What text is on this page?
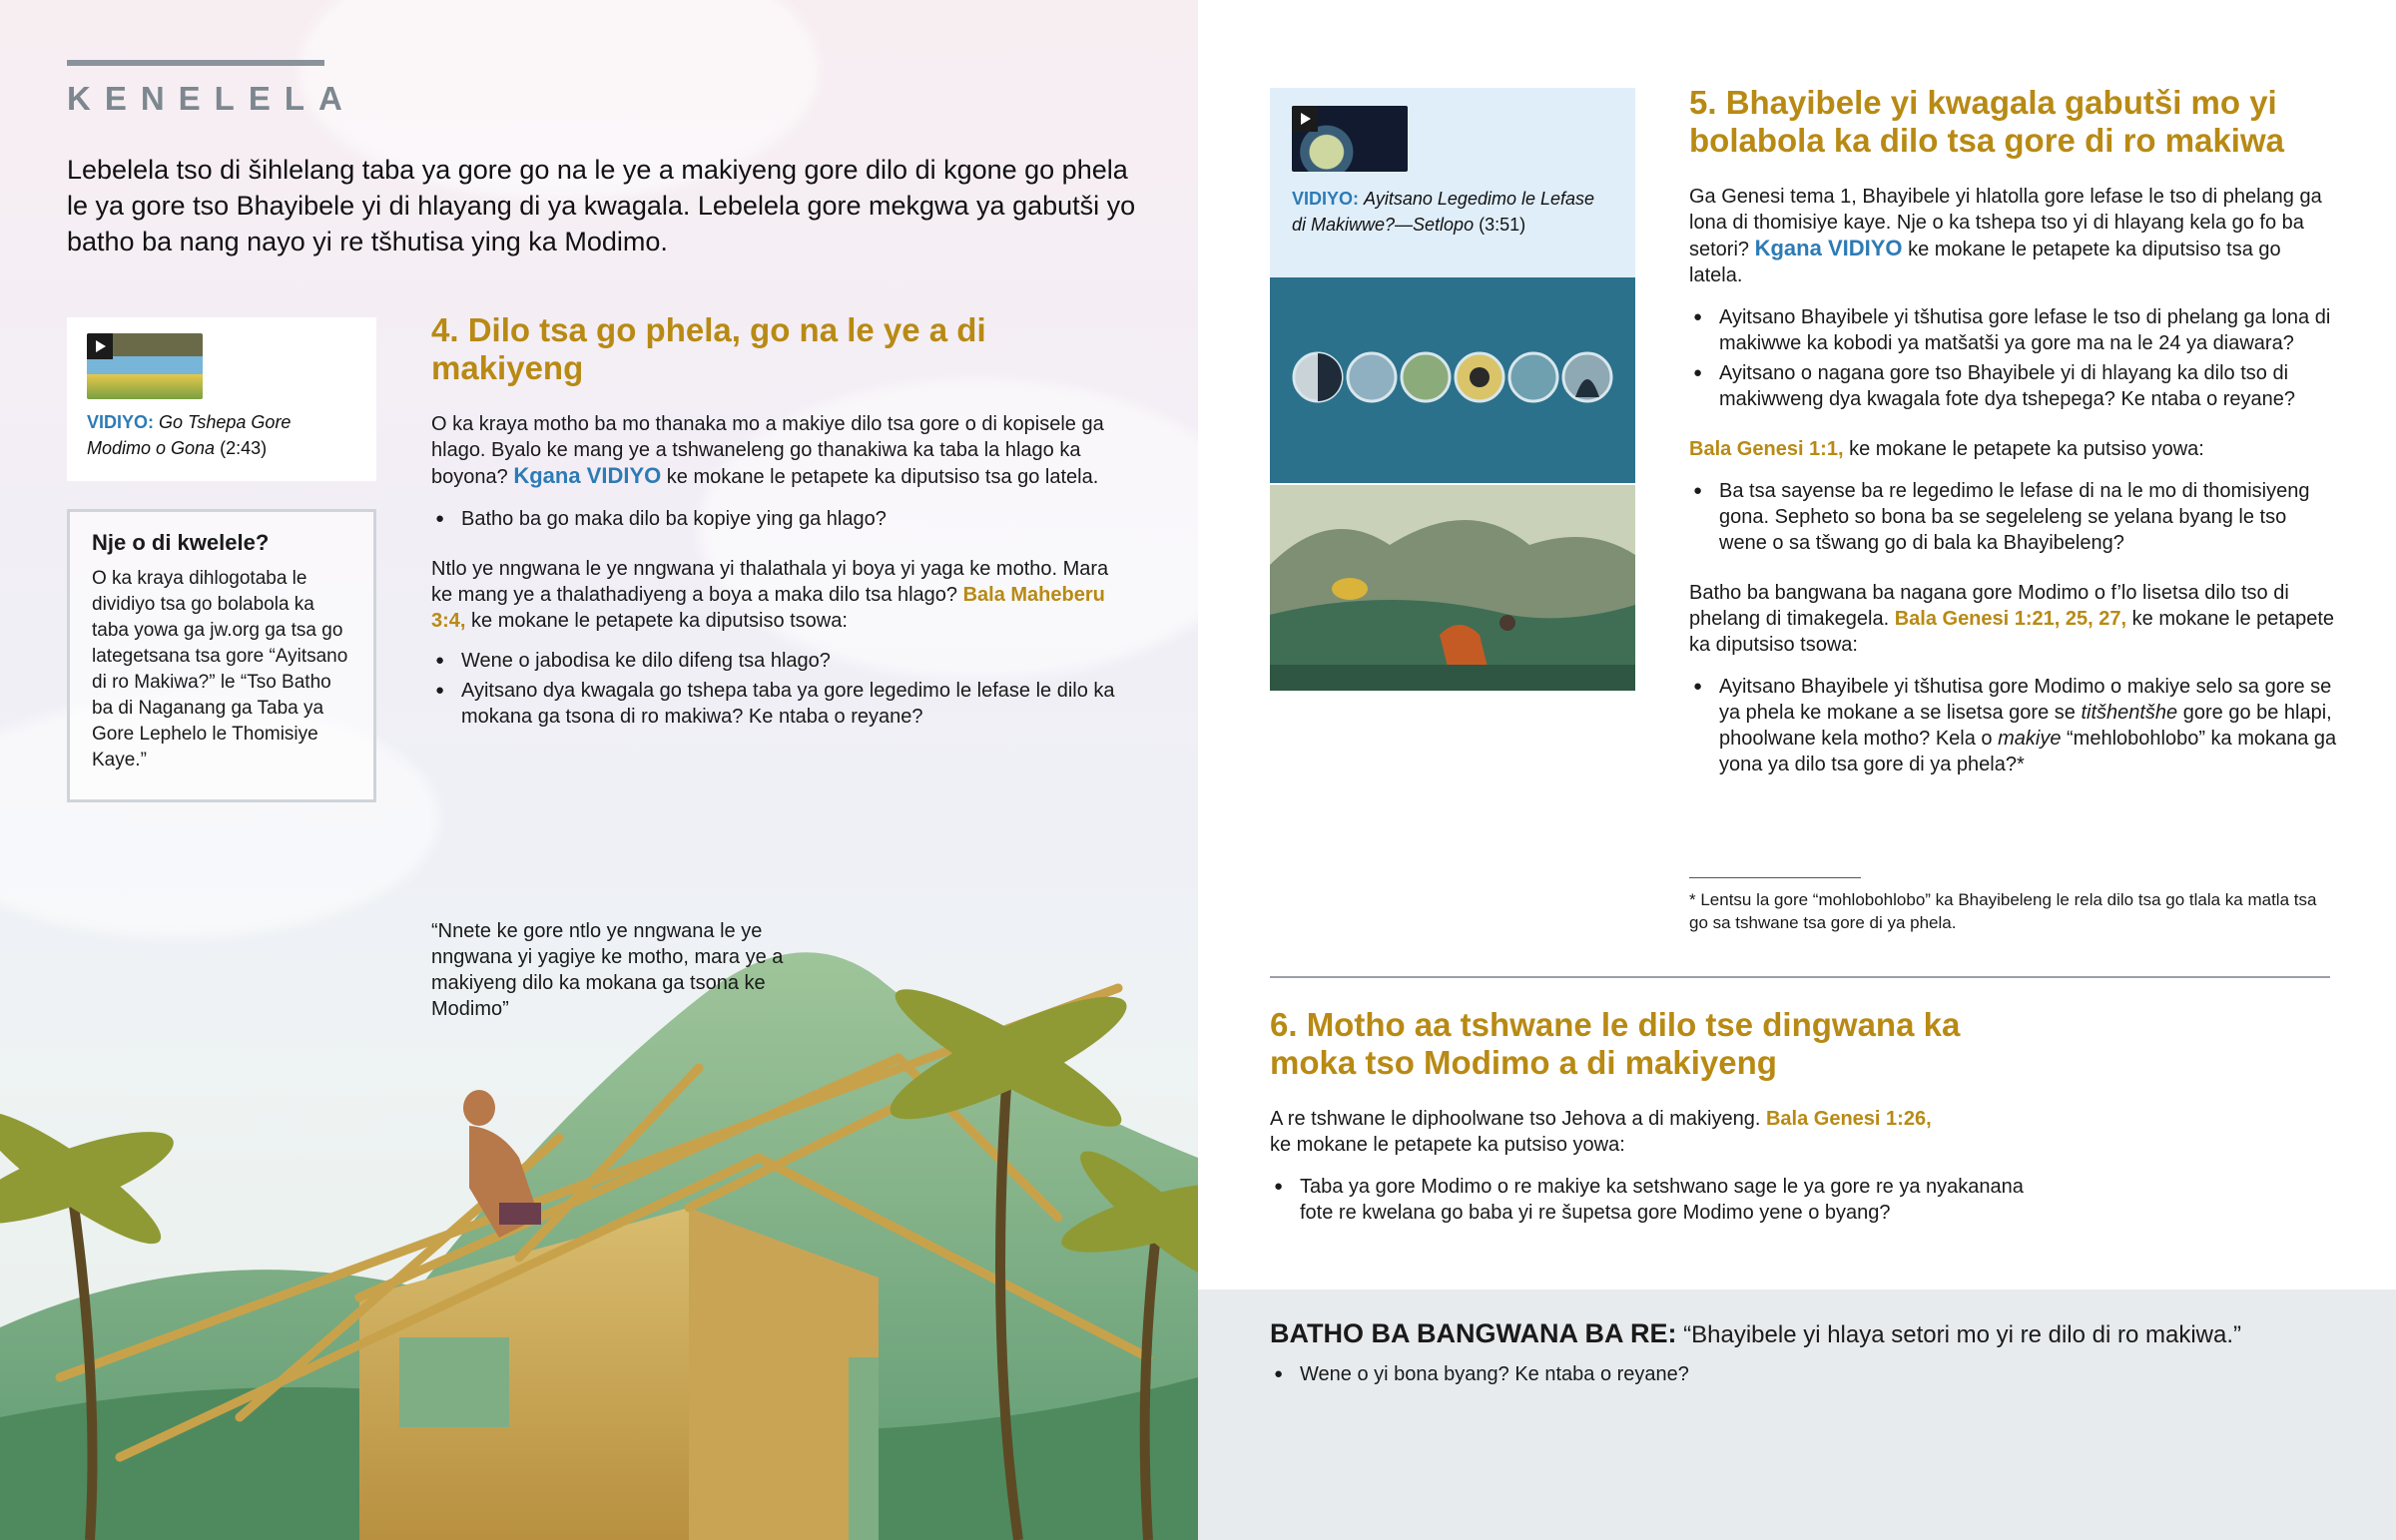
KENELELA
Lebelela tso di šihlelang taba ya gore go na le ye a makiyeng gore dilo di kgone go phela le ya gore tso Bhayibele yi di hlayang di ya kwagala. Lebelela gore mekgwa ya gabutši yo batho ba nang nayo yi re tšhutisa ying ka Modimo.
VIDIYO: Go Tshepa Gore Modimo o Gona (2:43)
Nje o di kwelele?
O ka kraya dihlogotaba le dividiyo tsa go bolabola ka taba yowa ga jw.org ga tsa go lategetsana tsa gore “Ayitsano di ro Makiwa?” le “Tso Batho ba di Naganang ga Taba ya Gore Lephelo le Thomisiye Kaye.”
4. Dilo tsa go phela, go na le ye a di makiyeng

O ka kraya motho ba mo thanaka mo a makiye dilo tsa gore o di kopisele ga hlago. Byalo ke mang ye a tshwaneleng go thanakiwa ka taba la hlago ka boyona? Kgana VIDIYO ke mokane le petapete ka diputsiso tsa go latela.

● Batho ba go maka dilo ba kopiye ying ga hlago?

Ntlo ye nngwana le ye nngwana yi thalathala yi boya yi yaga ke motho. Mara ke mang ye a thalathadiyeng a boya a maka dilo tsa hlago? Bala Maheberu 3:4, ke mokane le petapete ka diputsiso tsowa:

● Wene o jabodisa ke dilo difeng tsa hlago?

● Ayitsano dya kwagala go tshepa taba ya gore legedimo le lefase le dilo ka mokana ga tsona di ro makiwa? Ke ntaba o reyane?

“Nnete ke gore ntlo ye nngwana le ye nngwana yi yagiye ke motho, mara ye a makiyeng dilo ka mokana ga tsona ke Modimo”
VIDIYO: Ayitsano Legedimo le Lefase di Makiwwe?—Setlopo (3:51)
5. Bhayibele yi kwagala gabutši mo yi bolabola ka dilo tsa gore di ro makiwa

Ga Genesi tema 1, Bhayibele yi hlatolla gore lefase le tso di phelang ga lona di thomisiye kaye. Nje o ka tshepa tso yi di hlayang kela go fo ba setori? Kgana VIDIYO ke mokane le petapete ka diputsiso tsa go latela.

● Ayitsano Bhayibele yi tšhutisa gore lefase le tso di phelang ga lona di makiwwe ka kobodi ya matšatši ya gore ma na le 24 ya diawara?

● Ayitsano o nagana gore tso Bhayibele yi di hlayang ka dilo tso di makiwweng dya kwagala fote dya tshepega? Ke ntaba o reyane?

Bala Genesi 1:1, ke mokane le petapete ka putsiso yowa:

● Ba tsa sayense ba re legedimo le lefase di na le mo di thomisiyeng gona. Sepheto so bona ba se segeleleng se yelana byang le tso wene o sa tšwang go di bala ka Bhayibeleng?

Batho ba bangwana ba nagana gore Modimo o f’lo lisetsa dilo tso di phelang di timakegela. Bala Genesi 1:21, 25, 27, ke mokane le petapete ka diputsiso tsowa:

● Ayitsano Bhayibele yi tšhutisa gore Modimo o makiye selo sa gore se ya phela ke mokane a se lisetsa gore se titšhentšhe gore go be hlapi, phoolwane kela motho? Kela o makiye “mehlobohlobo” ka mokana ga yona ya dilo tsa gore di ya phela?*

* Lentsu la gore “mohlobohlobo” ka Bhayibeleng le rela dilo tsa go tlala ka matla tsa go sa tshwane tsa gore di ya phela.
6. Motho aa tshwane le dilo tse dingwana ka moka tso Modimo a di makiyeng

A re tshwane le diphoolwane tso Jehova a di makiyeng. Bala Genesi 1:26,
ke mokane le petapete ka putsiso yowa:

● Taba ya gore Modimo o re makiye ka setshwano sage le ya gore re ya nyakanana fote re kwelana go baba yi re šupetsa gore Modimo yene o byang?

BATHO BA BANGWANA BA RE: “Bhayibele yi hlaya setori mo yi re dilo di ro makiwa.”

● Wene o yi bona byang? Ke ntaba o reyane?
